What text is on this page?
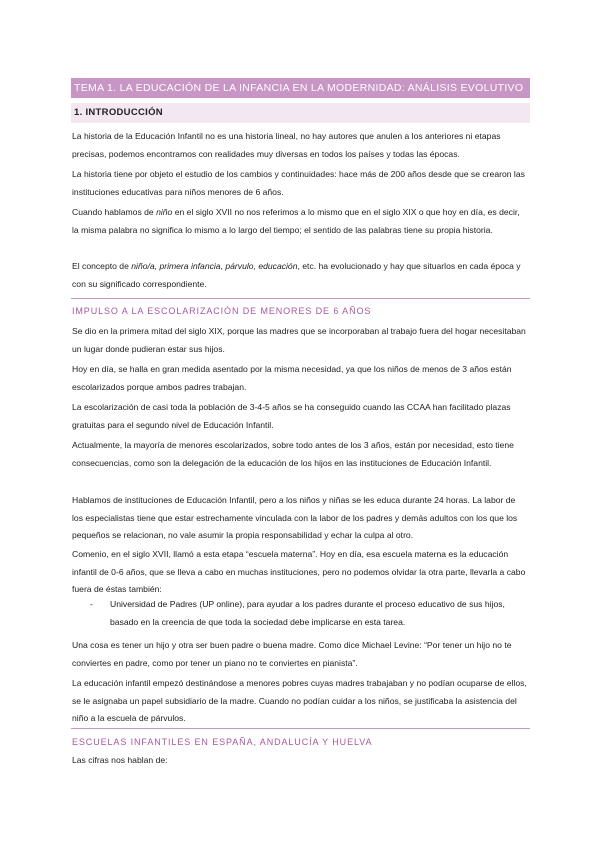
TEMA 1. LA EDUCACIÓN DE LA INFANCIA EN LA MODERNIDAD: ANÁLISIS EVOLUTIVO
1. INTRODUCCIÓN
La historia de la Educación Infantil no es una historia lineal, no hay autores que anulen a los anteriores ni etapas precisas, podemos encontramos con realidades muy diversas en todos los países y todas las épocas.
La historia tiene por objeto el estudio de los cambios y continuidades: hace más de 200 años desde que se crearon las instituciones educativas para niños menores de 6 años.
Cuando hablamos de niño en el siglo XVII no nos referimos a lo mismo que en el siglo XIX o que hoy en día, es decir, la misma palabra no significa lo mismo a lo largo del tiempo; el sentido de las palabras tiene su propia historia.
El concepto de niño/a, primera infancia, párvulo, educación, etc. ha evolucionado y hay que situarlos en cada época y con su significado correspondiente.
IMPULSO A LA ESCOLARIZACIÓN DE MENORES DE 6 AÑOS
Se dio en la primera mitad del siglo XIX, porque las madres que se incorporaban al trabajo fuera del hogar necesitaban un lugar donde pudieran estar sus hijos.
Hoy en día, se halla en gran medida asentado por la misma necesidad, ya que los niños de menos de 3 años están escolarizados porque ambos padres trabajan.
La escolarización de casi toda la población de 3-4-5 años se ha conseguido cuando las CCAA han facilitado plazas gratuitas para el segundo nivel de Educación Infantil.
Actualmente, la mayoría de menores escolarizados, sobre todo antes de los 3 años, están por necesidad, esto tiene consecuencias, como son la delegación de la educación de los hijos en las instituciones de Educación Infantil.
Hablamos de instituciones de Educación Infantil, pero a los niños y niñas se les educa durante 24 horas. La labor de los especialistas tiene que estar estrechamente vinculada con la labor de los padres y demás adultos con los que los pequeños se relacionan, no vale asumir la propia responsabilidad y echar la culpa al otro.
Comenio, en el siglo XVII, llamó a esta etapa “escuela materna”. Hoy en día, esa escuela materna es la educación infantil de 0-6 años, que se lleva a cabo en muchas instituciones, pero no podemos olvidar la otra parte, llevarla a cabo fuera de éstas también:
- Universidad de Padres (UP online), para ayudar a los padres durante el proceso educativo de sus hijos, basado en la creencia de que toda la sociedad debe implicarse en esta tarea.
Una cosa es tener un hijo y otra ser buen padre o buena madre. Como dice Michael Levine: “Por tener un hijo no te conviertes en padre, como por tener un piano no te conviertes en pianista”.
La educación infantil empezó destinándose a menores pobres cuyas madres trabajaban y no podían ocuparse de ellos, se le asignaba un papel subsidiario de la madre. Cuando no podían cuidar a los niños, se justificaba la asistencia del niño a la escuela de párvulos.
ESCUELAS INFANTILES EN ESPAÑA, ANDALUCÍA Y HUELVA
Las cifras nos hablan de:
